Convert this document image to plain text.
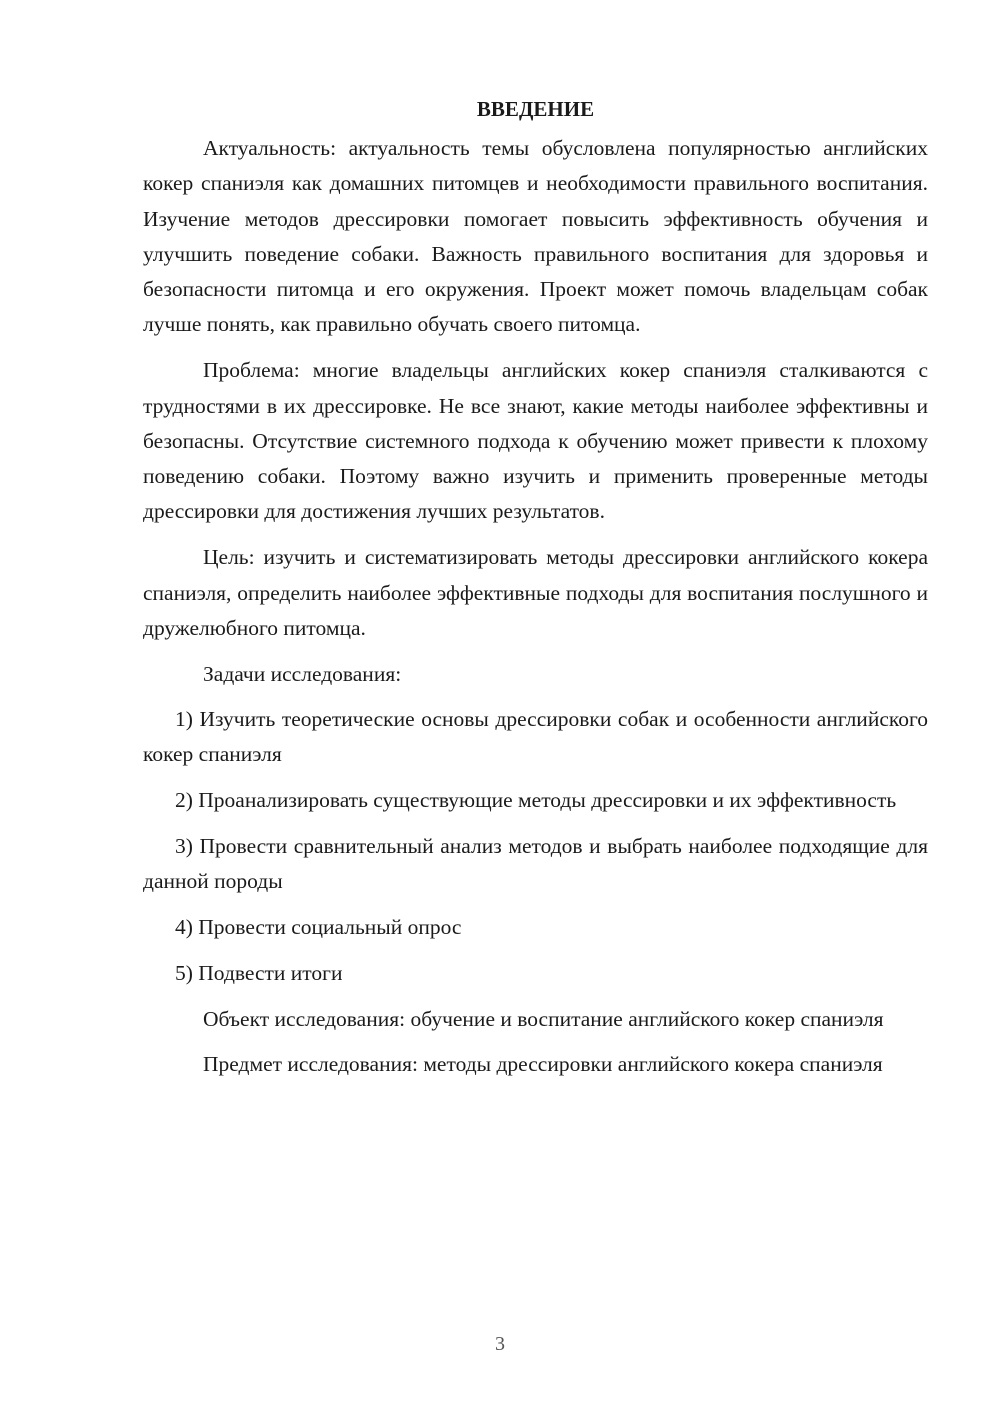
ВВЕДЕНИЕ

Актуальность: актуальность темы обусловлена популярностью английских кокер спаниэля как домашних питомцев и необходимости правильного воспитания. Изучение методов дрессировки помогает повысить эффективность обучения и улучшить поведение собаки. Важность правильного воспитания для здоровья и безопасности питомца и его окружения. Проект может помочь владельцам собак лучше понять, как правильно обучать своего питомца.

Проблема: многие владельцы английских кокер спаниэля сталкиваются с трудностями в их дрессировке. Не все знают, какие методы наиболее эффективны и безопасны. Отсутствие системного подхода к обучению может привести к плохому поведению собаки. Поэтому важно изучить и применить проверенные методы дрессировки для достижения лучших результатов.

Цель: изучить и систематизировать методы дрессировки английского кокера спаниэля, определить наиболее эффективные подходы для воспитания послушного и дружелюбного питомца.

Задачи исследования:

1) Изучить теоретические основы дрессировки собак и особенности английского кокер спаниэля

2) Проанализировать существующие методы дрессировки и их эффективность

3) Провести сравнительный анализ методов и выбрать наиболее подходящие для данной породы

4) Провести социальный опрос

5) Подвести итоги

Объект исследования: обучение и воспитание английского кокер спаниэля

Предмет исследования: методы дрессировки английского кокера спаниэля

3
